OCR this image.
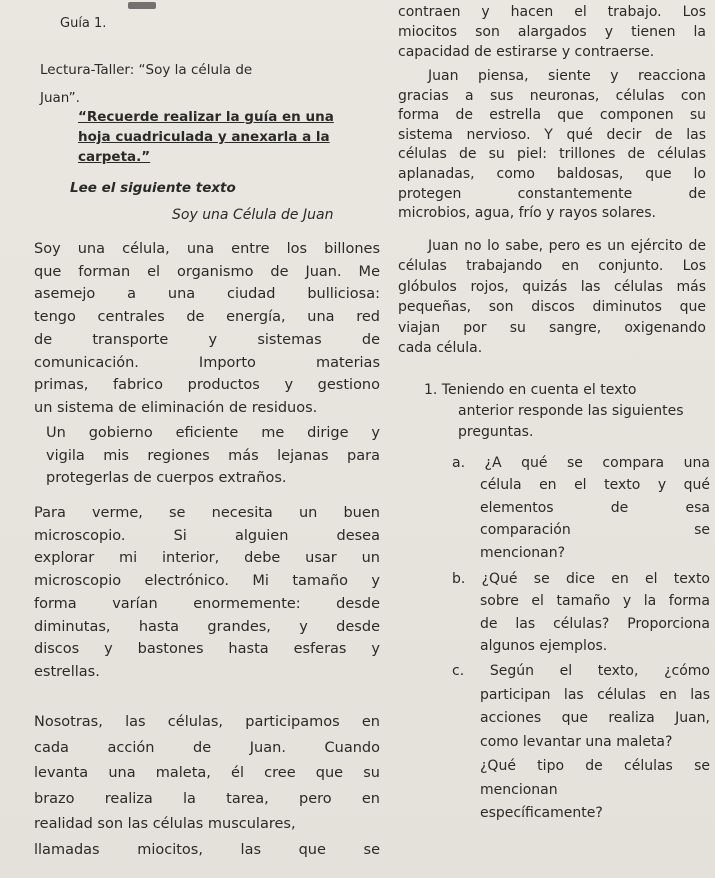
Guía 1.
Lectura-Taller: “Soy la célula de
Juan”.
“Recuerde realizar la guía en una
hoja cuadriculada y anexarla a la
carpeta.”
Lee el siguiente texto
Soy una Célula de Juan
Soy una célula, una entre los billones
que forman el organismo de Juan. Me
asemejo a una ciudad bulliciosa:
tengo centrales de energía, una red
de transporte y sistemas de
comunicación. Importo materias
primas, fabrico productos y gestiono
un sistema de eliminación de residuos.
Un gobierno eficiente me dirige y
vigila mis regiones más lejanas para
protegerlas de cuerpos extraños.
Para verme, se necesita un buen
microscopio. Si alguien desea
explorar mi interior, debe usar un
microscopio electrónico. Mi tamaño y
forma varían enormemente: desde
diminutas, hasta grandes, y desde
discos y bastones hasta esferas y
estrellas.
Nosotras, las células, participamos en
cada acción de Juan. Cuando
levanta una maleta, él cree que su
brazo realiza la tarea, pero en
realidad son las células musculares,
llamadas miocitos, las que se
contraen y hacen el trabajo. Los
miocitos son alargados y tienen la
capacidad de estirarse y contraerse.
Juan piensa, siente y reacciona
gracias a sus neuronas, células con
forma de estrella que componen su
sistema nervioso. Y qué decir de las
células de su piel: trillones de células
aplanadas, como baldosas, que lo
protegen constantemente de
microbios, agua, frío y rayos solares.
Juan no lo sabe, pero es un ejército de
células trabajando en conjunto. Los
glóbulos rojos, quizás las células más
pequeñas, son discos diminutos que
viajan por su sangre, oxigenando
cada célula.
1. Teniendo en cuenta el texto
anterior responde las siguientes
preguntas.
a. ¿A qué se compara una
célula en el texto y qué
elementos de esa
comparación se
mencionan?
b. ¿Qué se dice en el texto
sobre el tamaño y la forma
de las células? Proporciona
algunos ejemplos.
c. Según el texto, ¿cómo
participan las células en las
acciones que realiza Juan,
como levantar una maleta?
¿Qué tipo de células se
mencionan
específicamente?
